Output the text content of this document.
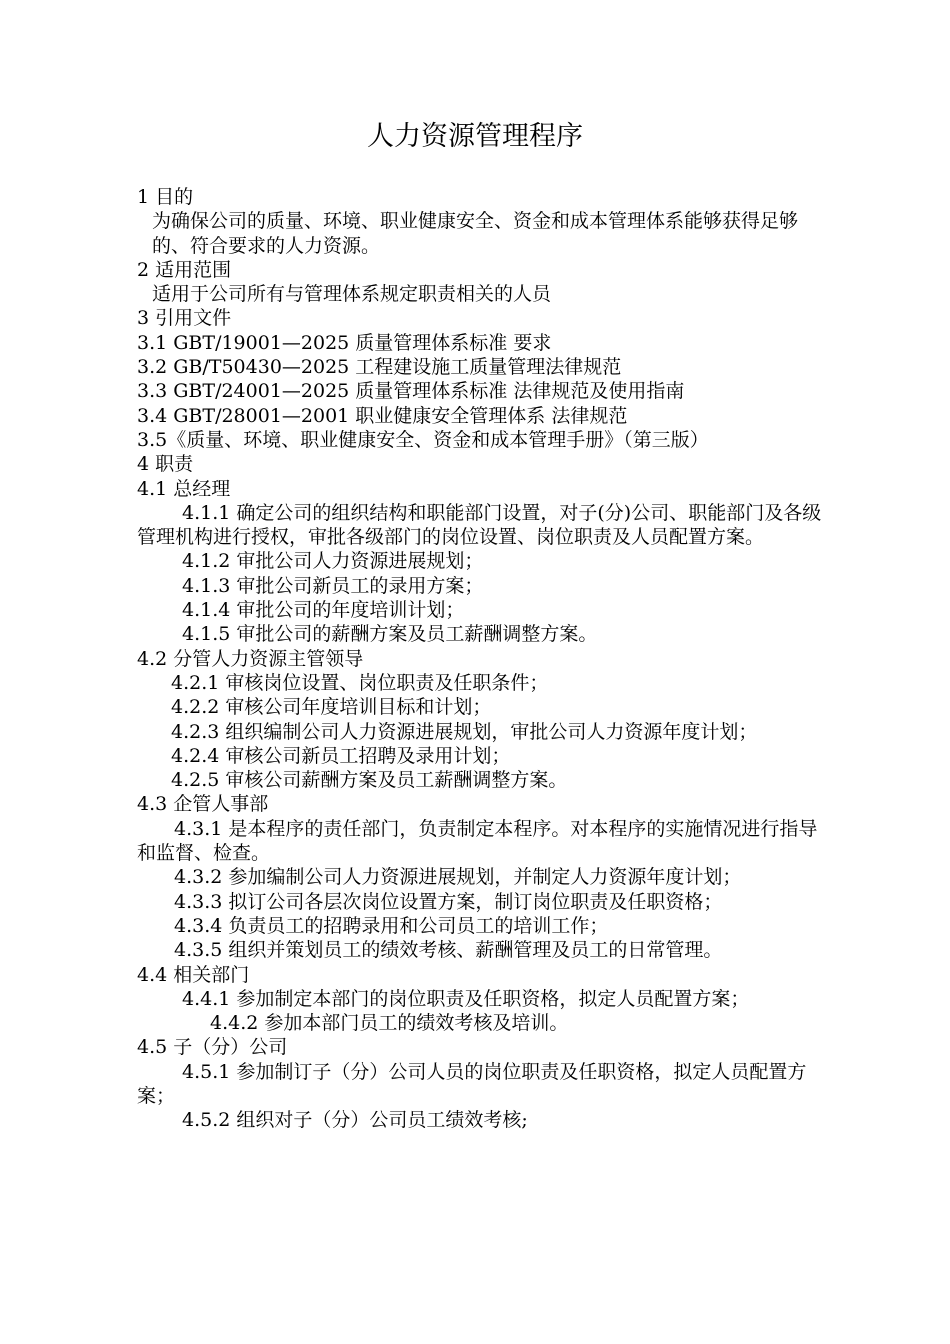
人力资源管理程序
1 目的
为确保公司的质量、环境、职业健康安全、资金和成本管理体系能够获得足够的、符合要求的人力资源。
2 适用范围
适用于公司所有与管理体系规定职责相关的人员
3 引用文件
3.1 GBT/19001—2025 质量管理体系标准 要求
3.2 GB/T50430—2025 工程建设施工质量管理法律规范
3.3 GBT/24001—2025 质量管理体系标准 法律规范及使用指南
3.4 GBT/28001—2001 职业健康安全管理体系 法律规范
3.5《质量、环境、职业健康安全、资金和成本管理手册》（第三版）
4 职责
4.1 总经理
4.1.1 确定公司的组织结构和职能部门设置，对子(分)公司、职能部门及各级管理机构进行授权，审批各级部门的岗位设置、岗位职责及人员配置方案。
4.1.2 审批公司人力资源进展规划；
4.1.3 审批公司新员工的录用方案；
4.1.4 审批公司的年度培训计划；
4.1.5 审批公司的薪酬方案及员工薪酬调整方案。
4.2 分管人力资源主管领导
4.2.1 审核岗位设置、岗位职责及任职条件；
4.2.2 审核公司年度培训目标和计划；
4.2.3 组织编制公司人力资源进展规划，审批公司人力资源年度计划；
4.2.4 审核公司新员工招聘及录用计划；
4.2.5 审核公司薪酬方案及员工薪酬调整方案。
4.3 企管人事部
4.3.1 是本程序的责任部门，负责制定本程序。对本程序的实施情况进行指导和监督、检查。
4.3.2 参加编制公司人力资源进展规划，并制定人力资源年度计划；
4.3.3 拟订公司各层次岗位设置方案，制订岗位职责及任职资格；
4.3.4 负责员工的招聘录用和公司员工的培训工作；
4.3.5 组织并策划员工的绩效考核、薪酬管理及员工的日常管理。
4.4 相关部门
4.4.1 参加制定本部门的岗位职责及任职资格，拟定人员配置方案；
4.4.2 参加本部门员工的绩效考核及培训。
4.5 子（分）公司
4.5.1 参加制订子（分）公司人员的岗位职责及任职资格，拟定人员配置方案；
4.5.2 组织对子（分）公司员工绩效考核;
